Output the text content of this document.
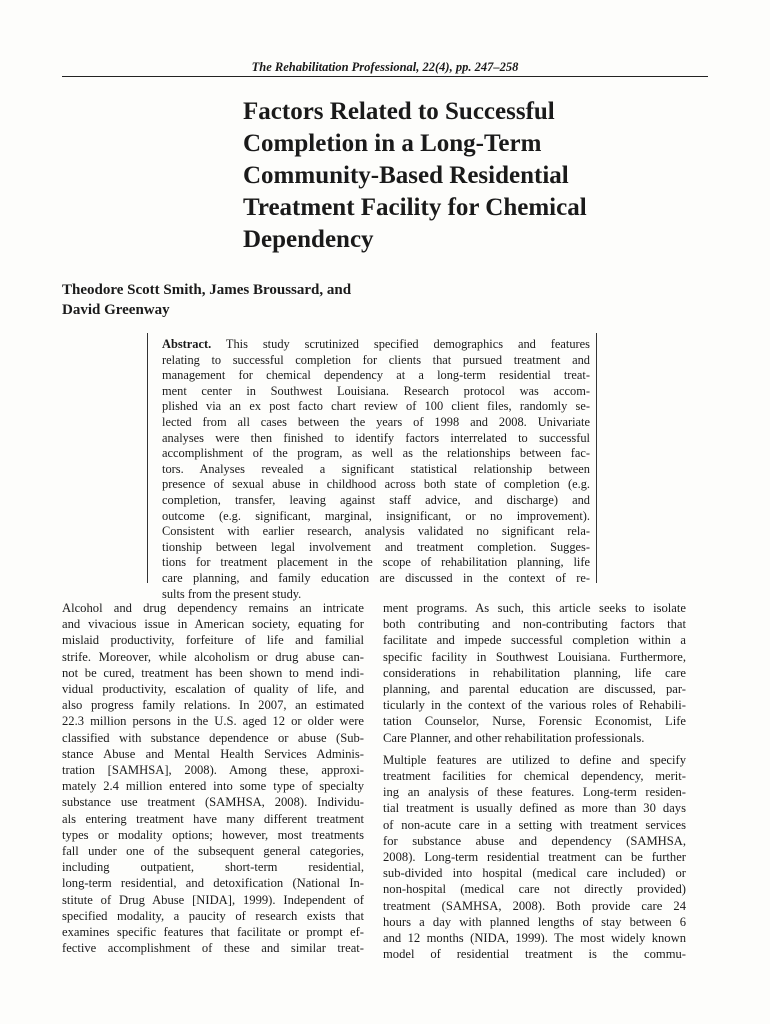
The Rehabilitation Professional, 22(4), pp. 247–258
Factors Related to Successful
Completion in a Long-Term
Community-Based Residential
Treatment Facility for Chemical
Dependency
Theodore Scott Smith, James Broussard, and
David Greenway
Abstract. This study scrutinized specified demographics and features
relating to successful completion for clients that pursued treatment and
management for chemical dependency at a long-term residential treat-
ment center in Southwest Louisiana. Research protocol was accom-
plished via an ex post facto chart review of 100 client files, randomly se-
lected from all cases between the years of 1998 and 2008. Univariate
analyses were then finished to identify factors interrelated to successful
accomplishment of the program, as well as the relationships between fac-
tors. Analyses revealed a significant statistical relationship between
presence of sexual abuse in childhood across both state of completion (e.g.
completion, transfer, leaving against staff advice, and discharge) and
outcome (e.g. significant, marginal, insignificant, or no improvement).
Consistent with earlier research, analysis validated no significant rela-
tionship between legal involvement and treatment completion. Sugges-
tions for treatment placement in the scope of rehabilitation planning, life
care planning, and family education are discussed in the context of re-
sults from the present study.
Alcohol and drug dependency remains an intricate
and vivacious issue in American society, equating for
mislaid productivity, forfeiture of life and familial
strife. Moreover, while alcoholism or drug abuse can-
not be cured, treatment has been shown to mend indi-
vidual productivity, escalation of quality of life, and
also progress family relations. In 2007, an estimated
22.3 million persons in the U.S. aged 12 or older were
classified with substance dependence or abuse (Sub-
stance Abuse and Mental Health Services Adminis-
tration [SAMHSA], 2008). Among these, approxi-
mately 2.4 million entered into some type of specialty
substance use treatment (SAMHSA, 2008). Individu-
als entering treatment have many different treatment
types or modality options; however, most treatments
fall under one of the subsequent general categories,
including outpatient, short-term residential,
long-term residential, and detoxification (National In-
stitute of Drug Abuse [NIDA], 1999). Independent of
specified modality, a paucity of research exists that
examines specific features that facilitate or prompt ef-
fective accomplishment of these and similar treat-
ment programs. As such, this article seeks to isolate
both contributing and non-contributing factors that
facilitate and impede successful completion within a
specific facility in Southwest Louisiana. Furthermore,
considerations in rehabilitation planning, life care
planning, and parental education are discussed, par-
ticularly in the context of the various roles of Rehabili-
tation Counselor, Nurse, Forensic Economist, Life
Care Planner, and other rehabilitation professionals.
Multiple features are utilized to define and specify
treatment facilities for chemical dependency, merit-
ing an analysis of these features. Long-term residen-
tial treatment is usually defined as more than 30 days
of non-acute care in a setting with treatment services
for substance abuse and dependency (SAMHSA,
2008). Long-term residential treatment can be further
sub-divided into hospital (medical care included) or
non-hospital (medical care not directly provided)
treatment (SAMHSA, 2008). Both provide care 24
hours a day with planned lengths of stay between 6
and 12 months (NIDA, 1999). The most widely known
model of residential treatment is the commu-
